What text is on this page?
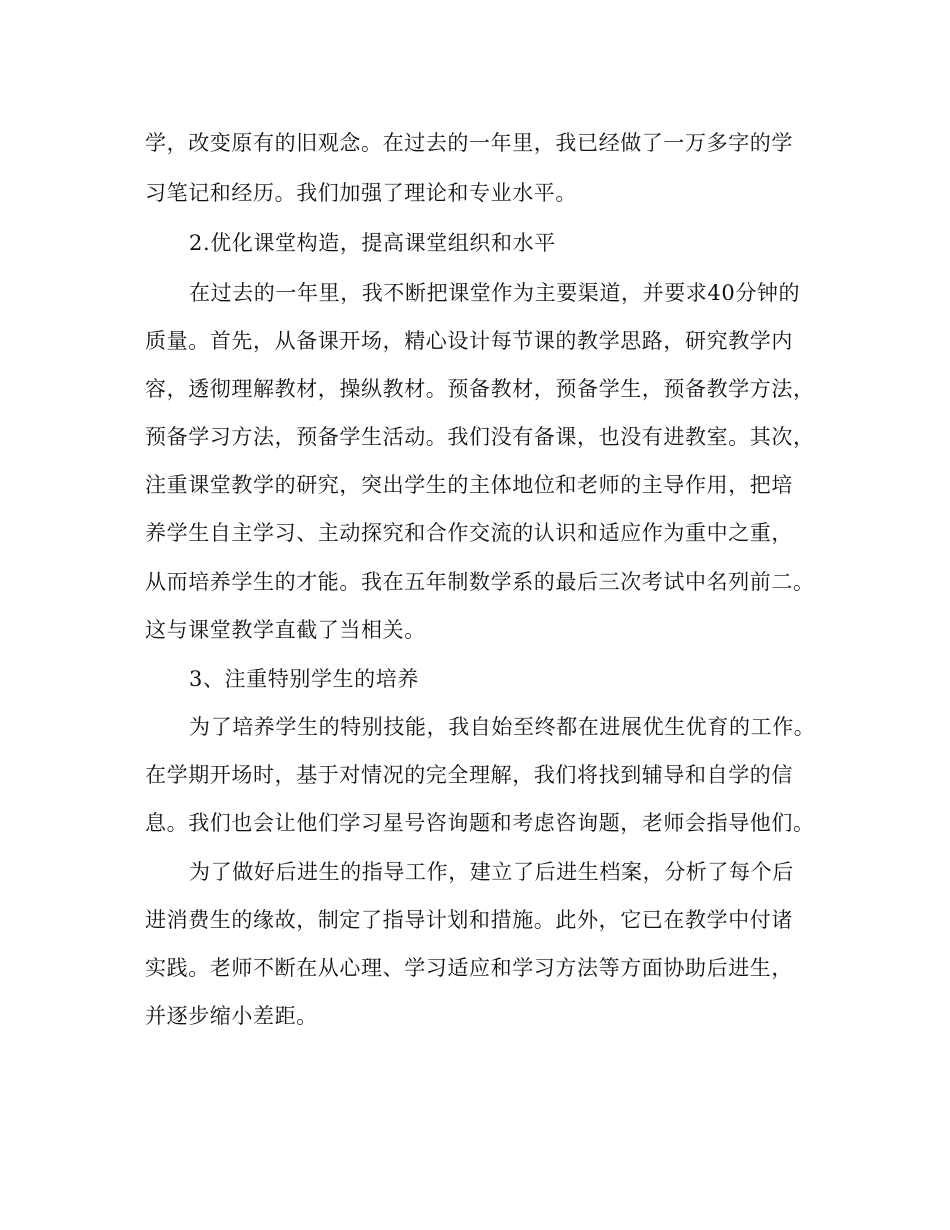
学，改变原有的旧观念。在过去的一年里，我已经做了一万多字的学
习笔记和经历。我们加强了理论和专业水平。
2.优化课堂构造，提高课堂组织和水平
在过去的一年里，我不断把课堂作为主要渠道，并要求40分钟的
质量。首先，从备课开场，精心设计每节课的教学思路，研究教学内
容，透彻理解教材，操纵教材。预备教材，预备学生，预备教学方法，
预备学习方法，预备学生活动。我们没有备课，也没有进教室。其次，
注重课堂教学的研究，突出学生的主体地位和老师的主导作用，把培
养学生自主学习、主动探究和合作交流的认识和适应作为重中之重，
从而培养学生的才能。我在五年制数学系的最后三次考试中名列前二。
这与课堂教学直截了当相关。
3、注重特别学生的培养
为了培养学生的特别技能，我自始至终都在进展优生优育的工作。
在学期开场时，基于对情况的完全理解，我们将找到辅导和自学的信
息。我们也会让他们学习星号咨询题和考虑咨询题，老师会指导他们。
为了做好后进生的指导工作，建立了后进生档案，分析了每个后
进消费生的缘故，制定了指导计划和措施。此外，它已在教学中付诸
实践。老师不断在从心理、学习适应和学习方法等方面协助后进生，
并逐步缩小差距。
